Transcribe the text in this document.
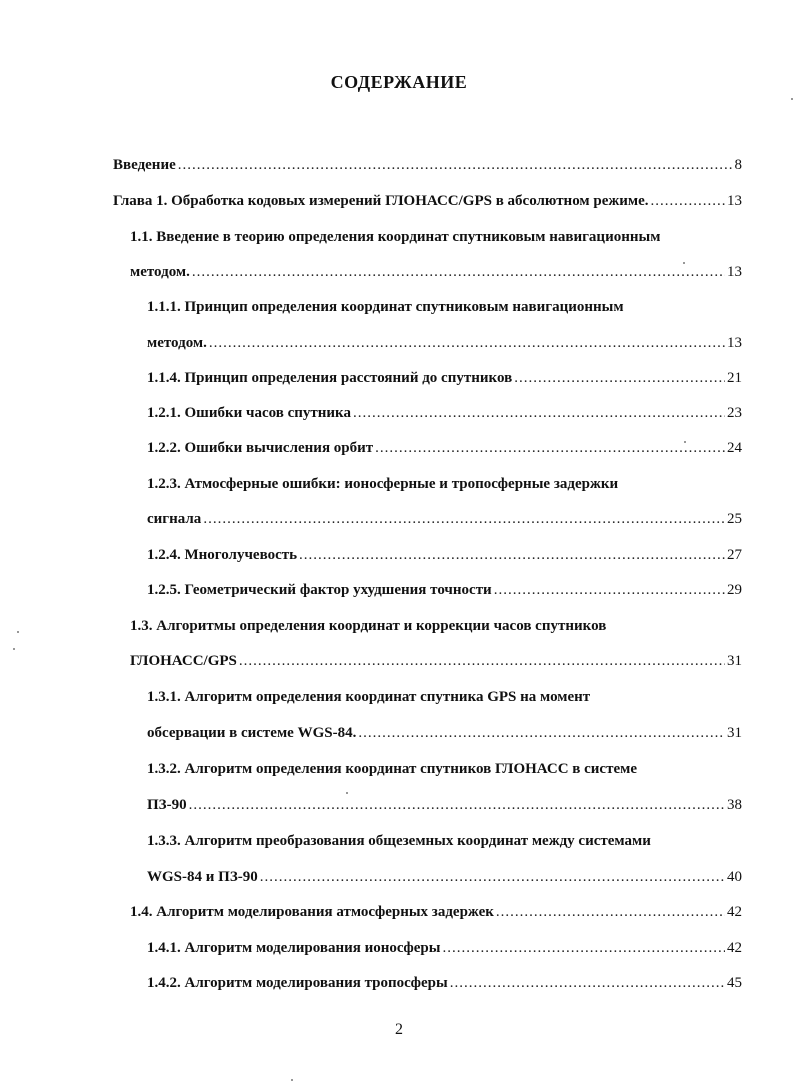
СОДЕРЖАНИЕ
Введение .....	8
Глава 1. Обработка кодовых измерений ГЛОНАСС/GPS в абсолютном режиме. .....	13
1.1. Введение в теорию определения координат спутниковым навигационным
методом. .....	13
1.1.1. Принцип определения координат спутниковым навигационным
методом. .....	13
1.1.4. Принцип определения расстояний до спутников .....	21
1.2.1. Ошибки часов спутника .....	23
1.2.2. Ошибки вычисления орбит .....	24
1.2.3. Атмосферные ошибки: ионосферные и тропосферные задержки
сигнала .....	25
1.2.4. Многолучевость .....	27
1.2.5. Геометрический фактор ухудшения точности .....	29
1.3. Алгоритмы определения координат и коррекции часов спутников
ГЛОНАСС/GPS .....	31
1.3.1. Алгоритм определения координат спутника GPS на момент
обсервации в системе WGS-84. .....	31
1.3.2. Алгоритм определения координат спутников ГЛОНАСС в системе
ПЗ-90 .....	38
1.3.3. Алгоритм преобразования общеземных координат между системами
WGS-84 и ПЗ-90 .....	40
1.4. Алгоритм моделирования атмосферных задержек .....	42
1.4.1. Алгоритм моделирования ионосферы .....	42
1.4.2. Алгоритм моделирования тропосферы .....	45
2
